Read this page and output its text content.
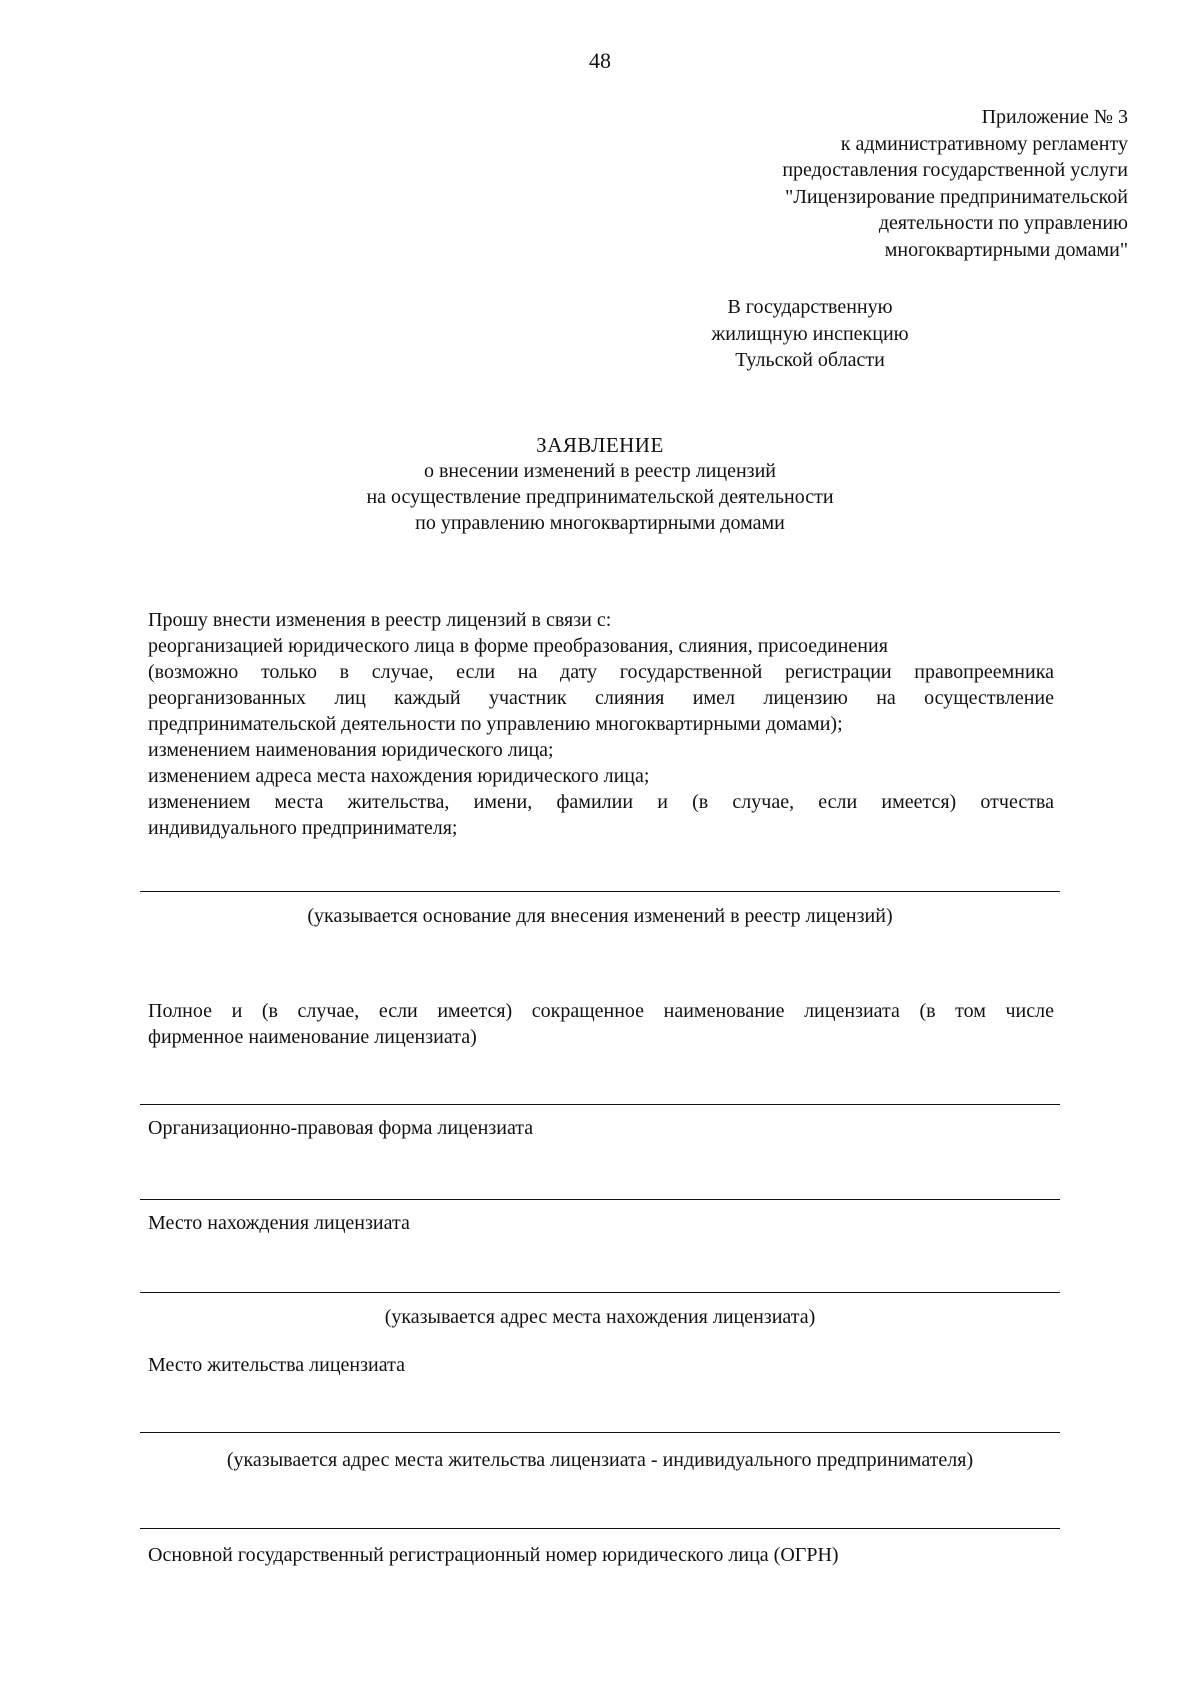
48
Приложение № 3
к административному регламенту
предоставления государственной услуги
"Лицензирование предпринимательской
деятельности по управлению
многоквартирными домами"
В государственную
жилищную инспекцию
Тульской области
ЗАЯВЛЕНИЕ
о внесении изменений в реестр лицензий
на осуществление предпринимательской деятельности
по управлению многоквартирными домами
Прошу внести изменения в реестр лицензий в связи с:
реорганизацией юридического лица в форме преобразования, слияния, присоединения
(возможно только в случае, если на дату государственной регистрации правопреемника
реорганизованных лиц каждый участник слияния имел лицензию на осуществление
предпринимательской деятельности по управлению многоквартирными домами);
изменением наименования юридического лица;
изменением адреса места нахождения юридического лица;
изменением места жительства, имени, фамилии и (в случае, если имеется) отчества
индивидуального предпринимателя;
(указывается основание для внесения изменений в реестр лицензий)
Полное и (в случае, если имеется) сокращенное наименование лицензиата (в том числе
фирменное наименование лицензиата)
Организационно-правовая форма лицензиата
Место нахождения лицензиата
(указывается адрес места нахождения лицензиата)
Место жительства лицензиата
(указывается адрес места жительства лицензиата - индивидуального предпринимателя)
Основной государственный регистрационный номер юридического лица (ОГРН)
